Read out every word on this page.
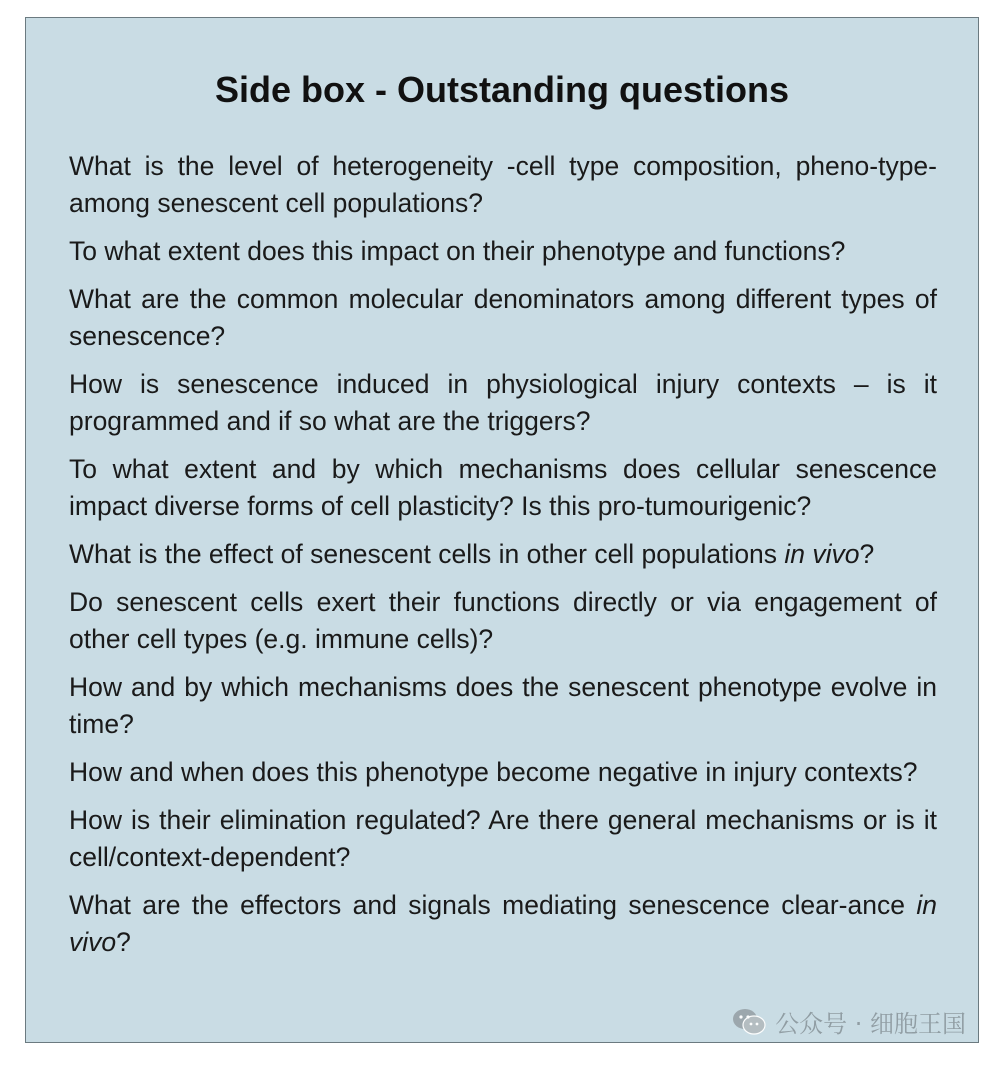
Side box - Outstanding questions
What is the level of heterogeneity -cell type composition, pheno-type- among senescent cell populations?
To what extent does this impact on their phenotype and functions?
What are the common molecular denominators among different types of senescence?
How is senescence induced in physiological injury contexts – is it programmed and if so what are the triggers?
To what extent and by which mechanisms does cellular senescence impact diverse forms of cell plasticity? Is this pro-tumourigenic?
What is the effect of senescent cells in other cell populations in vivo?
Do senescent cells exert their functions directly or via engagement of other cell types (e.g. immune cells)?
How and by which mechanisms does the senescent phenotype evolve in time?
How and when does this phenotype become negative in injury contexts?
How is their elimination regulated? Are there general mechanisms or is it cell/context-dependent?
What are the effectors and signals mediating senescence clear-ance in vivo?
公众号 · 细胞王国
